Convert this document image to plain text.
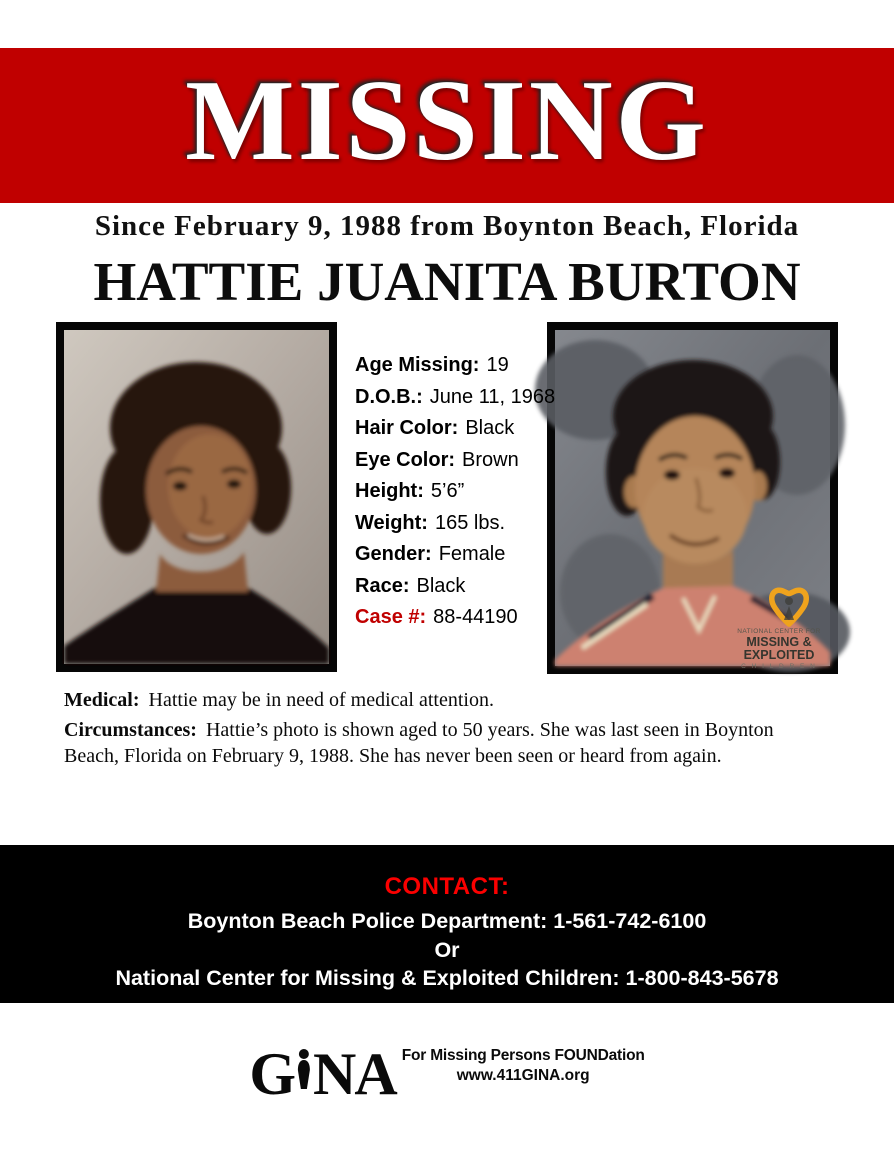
MISSING
Since February 9, 1988 from Boynton Beach, Florida
HATTIE JUANITA BURTON
NATIONAL CENTER FOR
MISSING &
EXPLOITED
C H I L D R E N
Age Missing: 19
D.O.B.: June 11, 1968
Hair Color: Black
Eye Color: Brown
Height: 5’6”
Weight: 165 lbs.
Gender: Female
Race: Black
Case #: 88-44190
Medical: Hattie may be in need of medical attention.
Circumstances: Hattie’s photo is shown aged to 50 years. She was last seen in Boynton Beach, Florida on February 9, 1988. She has never been seen or heard from again.
CONTACT:
Boynton Beach Police Department: 1-561-742-6100
Or
National Center for Missing & Exploited Children: 1-800-843-5678
G NA For Missing Persons FOUNDation
www.411GINA.org
